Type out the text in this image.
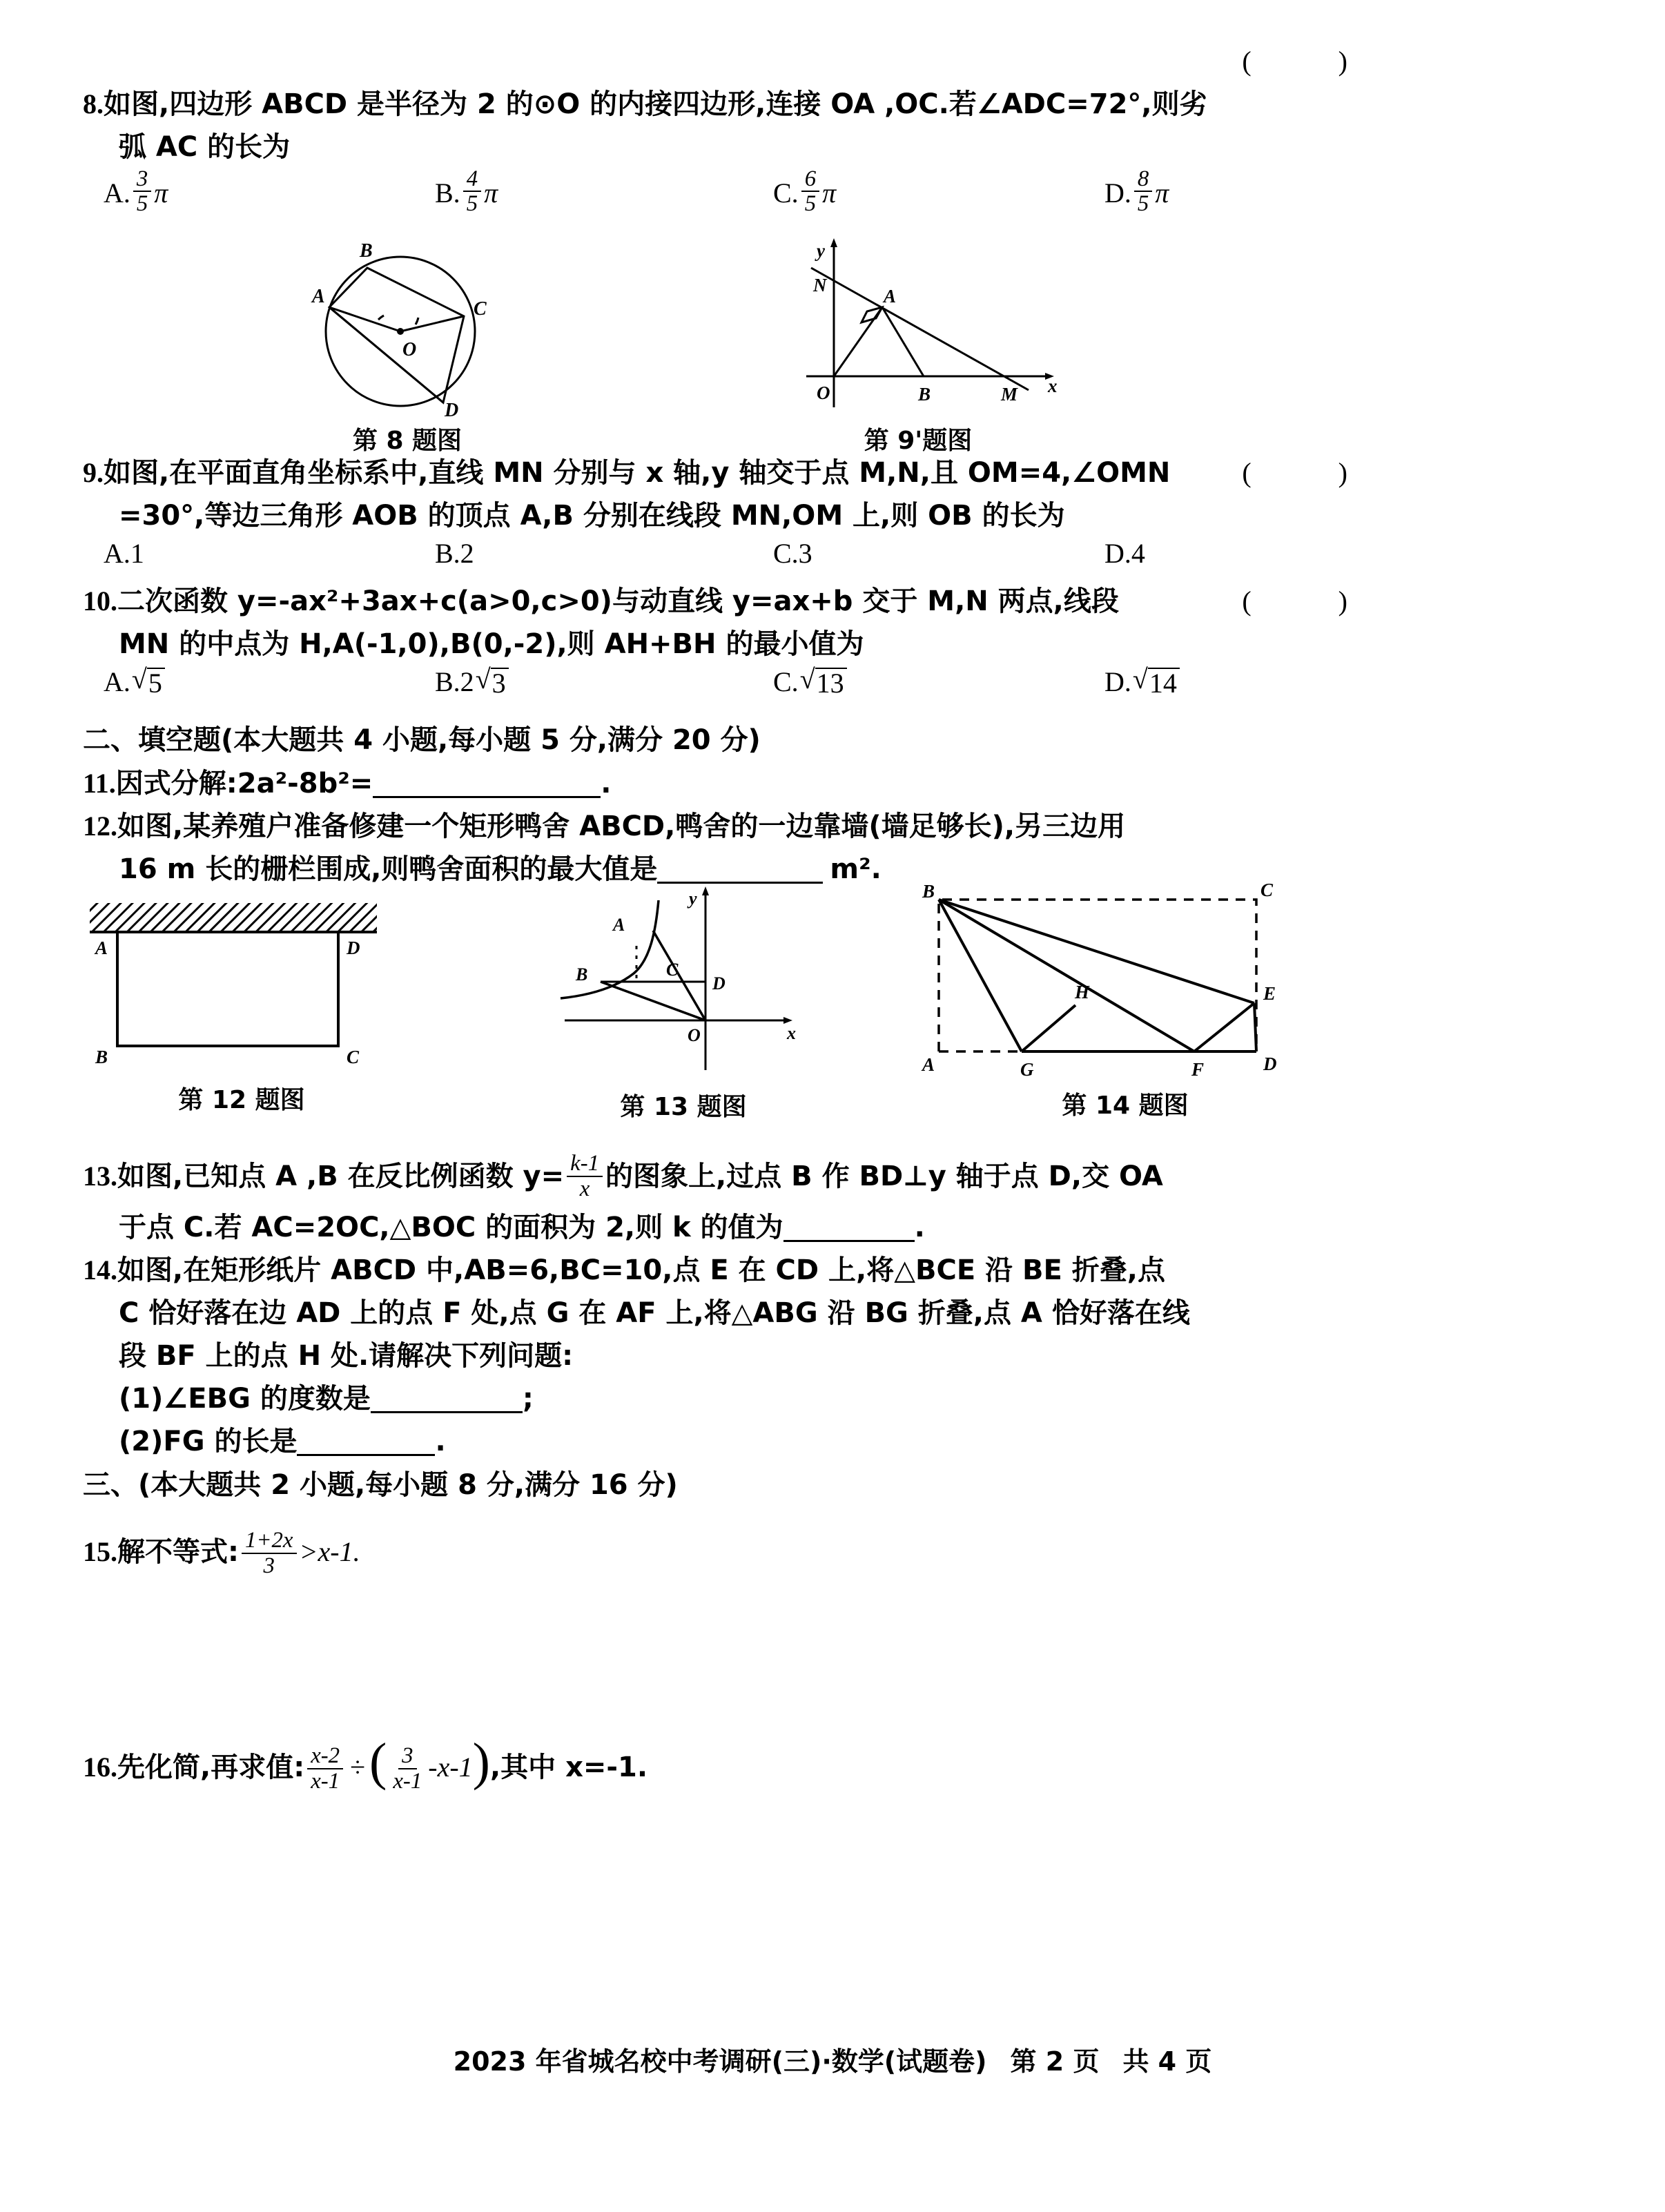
8.如图,四边形 ABCD 是半径为 2 的⊙O 的内接四边形,连接 OA ,OC.若∠ADC=72°,则劣
弧 AC 的长为
( )
A. $\frac{3}{5}$ π	B. $\frac{4}{5}$ π	C. $\frac{6}{5}$ π	D. $\frac{8}{5}$ π
A
B
C
D
O
第 8 题图
y
x
N
A
O	B	M
第 9'题图
9.如图,在平面直角坐标系中,直线 MN 分别与 x 轴,y 轴交于点 M,N,且 OM=4,∠OMN
=30°,等边三角形 AOB 的顶点 A,B 分别在线段 MN,OM 上,则 OB 的长为
( )
A.1	B.2	C.3	D.4
10.二次函数 y=-ax²+3ax+c(a>0,c>0)与动直线 y=ax+b 交于 M,N 两点,线段
MN 的中点为 H,A(-1,0),B(0,-2),则 AH+BH 的最小值为
( )
A. √ 5	B.2 √ 3	C. √ 13	D. √ 14
二、填空题(本大题共 4 小题,每小题 5 分,满分 20 分)
11.因式分解:2a²-8b²=	.
12.如图,某养殖户准备修建一个矩形鸭舍 ABCD,鸭舍的一边靠墙(墙足够长),另三边用
16 m 长的栅栏围成,则鸭舍面积的最大值是	m².
A	D
B	C
第 12 题图
A
B	C
D
O
y
x
第 13 题图
B	C
E
H
A	G	F	D
第 14 题图
13.如图,已知点 A ,B 在反比例函数 $y= \frac{k-1}{x}$ 的图象上,过点 B 作 BD⊥y 轴于点 D,交 OA
于点 C.若 AC=2OC,△BOC 的面积为 2,则 k 的值为	.
14.如图,在矩形纸片 ABCD 中,AB=6,BC=10,点 E 在 CD 上,将△BCE 沿 BE 折叠,点
C 恰好落在边 AD 上的点 F 处,点 G 在 AF 上,将△ABG 沿 BG 折叠,点 A 恰好落在线
段 BF 上的点 H 处.请解决下列问题:
(1)∠EBG 的度数是	;
(2)FG 的长是	.
三、(本大题共 2 小题,每小题 8 分,满分 16 分)
15.解不等式: $\frac{1+2x}{3} >x-1$.
16.先化简,再求值: $\frac{x-2}{x-1}$ ÷( $\frac{3}{x-1} -x-1$),其中 x=-1.
2023 年省城名校中考调研(三)·数学(试题卷) 第 2 页 共 4 页
